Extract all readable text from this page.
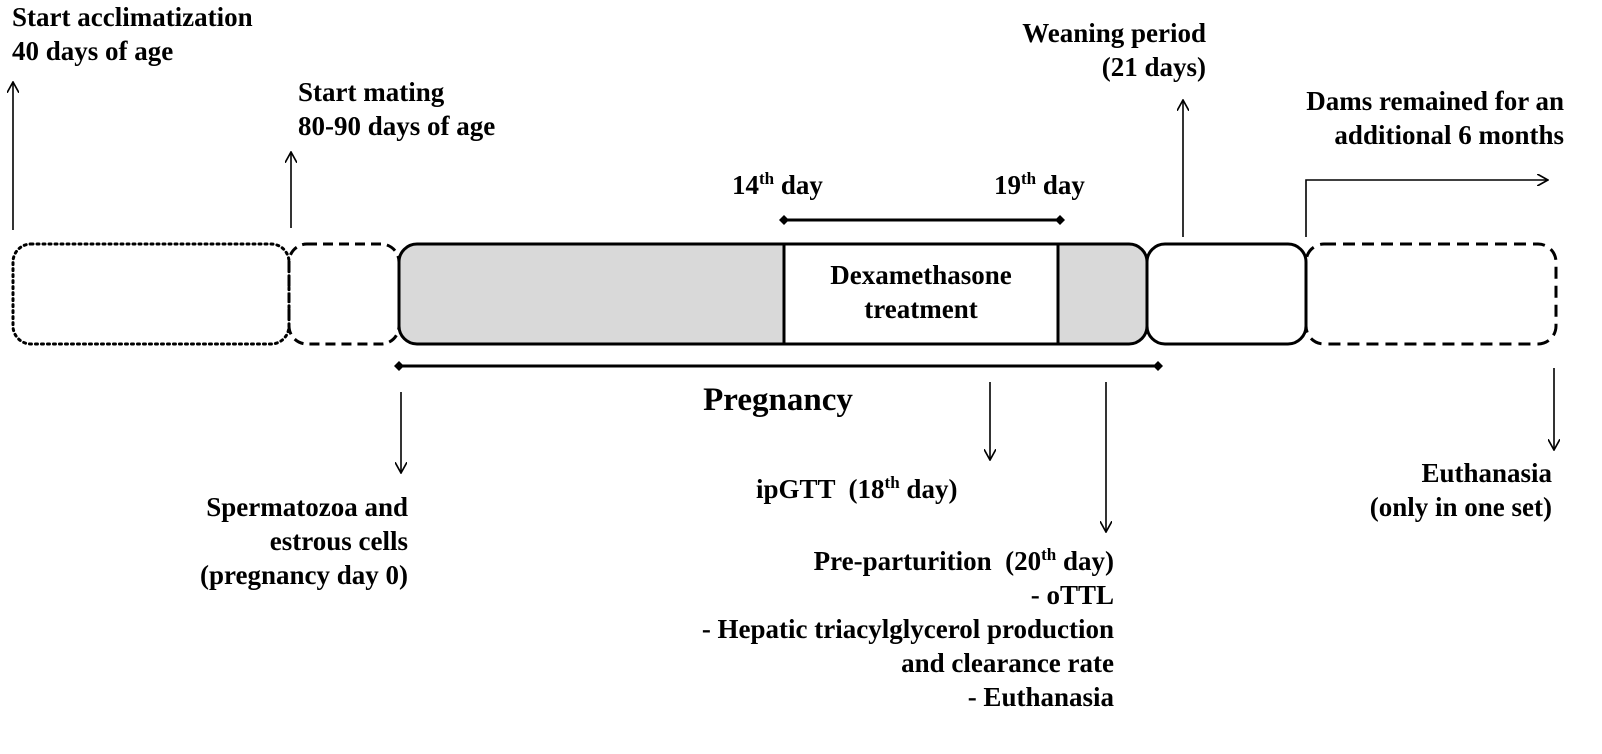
Start acclimatization
40 days of age
Start mating
80-90 days of age
14th day	19th day
Weaning period
(21 days)
Dams remained for an
additional 6 months
Dexamethasone
treatment
Pregnancy
Spermatozoa and
estrous cells
(pregnancy day 0)
ipGTT  (18th day)
Pre-parturition  (20th day)
- oTTL
- Hepatic triacylglycerol production
and clearance rate
- Euthanasia
Euthanasia
(only in one set)
